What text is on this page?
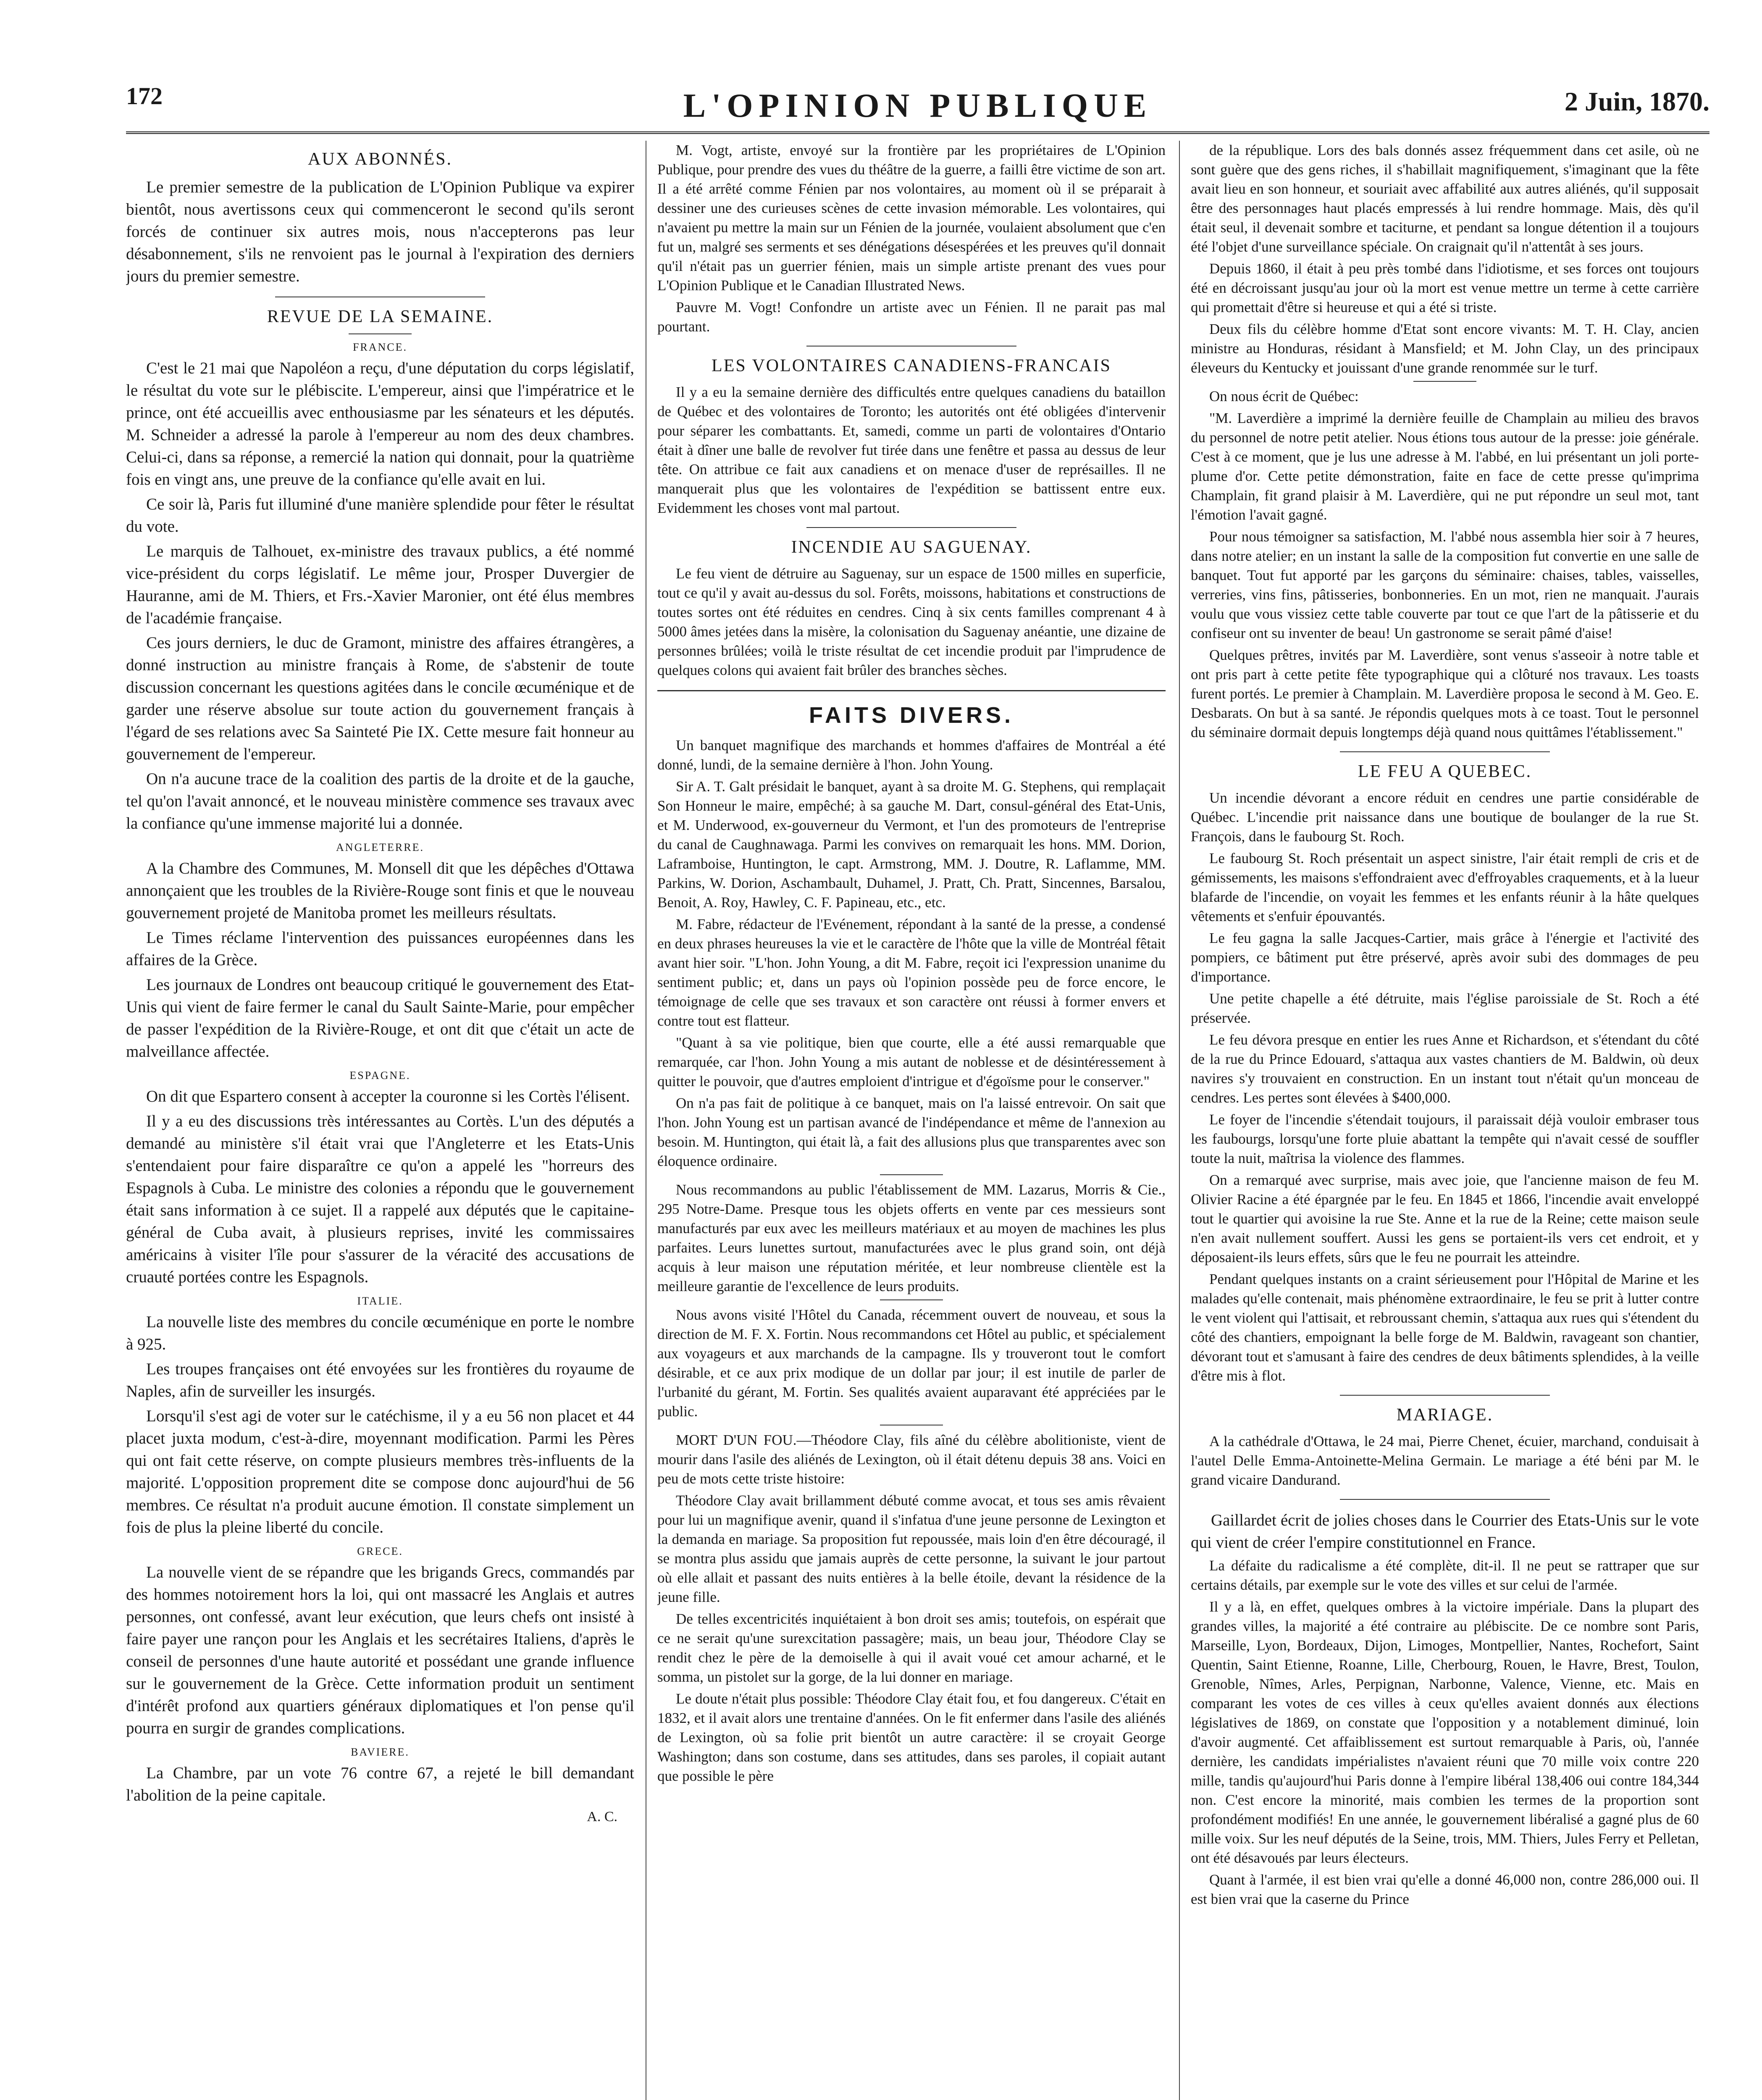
172	L'OPINION PUBLIQUE	2 Juin, 1870.
AUX ABONNÉS.

Le premier semestre de la publication de L'Opinion Publique va expirer bientôt, nous avertissons ceux qui commenceront le second qu'ils seront forcés de continuer six autres mois, nous n'accepterons pas leur désabonnement, s'ils ne renvoient pas le journal à l'expiration des derniers jours du premier semestre.

REVUE DE LA SEMAINE.
FRANCE.

C'est le 21 mai que Napoléon a reçu, d'une députation du corps législatif, le résultat du vote sur le plébiscite. L'empereur, ainsi que l'impératrice et le prince, ont été accueillis avec enthousiasme par les sénateurs et les députés. M. Schneider a adressé la parole à l'empereur au nom des deux chambres. Celui-ci, dans sa réponse, a remercié la nation qui donnait, pour la quatrième fois en vingt ans, une preuve de la confiance qu'elle avait en lui.

Ce soir là, Paris fut illuminé d'une manière splendide pour fêter le résultat du vote.

Le marquis de Talhouet, ex-ministre des travaux publics, a été nommé vice-président du corps législatif. Le même jour, Prosper Duvergier de Hauranne, ami de M. Thiers, et Frs.-Xavier Maronier, ont été élus membres de l'académie française.

Ces jours derniers, le duc de Gramont, ministre des affaires étrangères, a donné instruction au ministre français à Rome, de s'abstenir de toute discussion concernant les questions agitées dans le concile œcuménique et de garder une réserve absolue sur toute action du gouvernement français à l'égard de ses relations avec Sa Sainteté Pie IX. Cette mesure fait honneur au gouvernement de l'empereur.

On n'a aucune trace de la coalition des partis de la droite et de la gauche, tel qu'on l'avait annoncé, et le nouveau ministère commence ses travaux avec la confiance qu'une immense majorité lui a donnée.

ANGLETERRE.

A la Chambre des Communes, M. Monsell dit que les dépêches d'Ottawa annonçaient que les troubles de la Rivière-Rouge sont finis et que le nouveau gouvernement projeté de Manitoba promet les meilleurs résultats.

Le Times réclame l'intervention des puissances européennes dans les affaires de la Grèce.

Les journaux de Londres ont beaucoup critiqué le gouvernement des Etat-Unis qui vient de faire fermer le canal du Sault Sainte-Marie, pour empêcher de passer l'expédition de la Rivière-Rouge, et ont dit que c'était un acte de malveillance affectée.

ESPAGNE.

On dit que Espartero consent à accepter la couronne si les Cortès l'élisent.

Il y a eu des discussions très intéressantes au Cortès. L'un des députés a demandé au ministère s'il était vrai que l'Angleterre et les Etats-Unis s'entendaient pour faire disparaître ce qu'on a appelé les "horreurs des Espagnols à Cuba. Le ministre des colonies a répondu que le gouvernement était sans information à ce sujet. Il a rappelé aux députés que le capitaine-général de Cuba avait, à plusieurs reprises, invité les commissaires américains à visiter l'île pour s'assurer de la véracité des accusations de cruauté portées contre les Espagnols.

ITALIE.

La nouvelle liste des membres du concile œcuménique en porte le nombre à 925.

Les troupes françaises ont été envoyées sur les frontières du royaume de Naples, afin de surveiller les insurgés.

Lorsqu'il s'est agi de voter sur le catéchisme, il y a eu 56 non placet et 44 placet juxta modum, c'est-à-dire, moyennant modification. Parmi les Pères qui ont fait cette réserve, on compte plusieurs membres très-influents de la majorité. L'opposition proprement dite se compose donc aujourd'hui de 56 membres. Ce résultat n'a produit aucune émotion. Il constate simplement un fois de plus la pleine liberté du concile.

GRECE.

La nouvelle vient de se répandre que les brigands Grecs, commandés par des hommes notoirement hors la loi, qui ont massacré les Anglais et autres personnes, ont confessé, avant leur exécution, que leurs chefs ont insisté à faire payer une rançon pour les Anglais et les secrétaires Italiens, d'après le conseil de personnes d'une haute autorité et possédant une grande influence sur le gouvernement de la Grèce. Cette information produit un sentiment d'intérêt profond aux quartiers généraux diplomatiques et l'on pense qu'il pourra en surgir de grandes complications.

BAVIERE.

La Chambre, par un vote 76 contre 67, a rejeté le bill demandant l'abolition de la peine capitale.

A. C.

M. Vogt, artiste, envoyé sur la frontière par les propriétaires de L'Opinion Publique, pour prendre des vues du théâtre de la guerre, a failli être victime de son art. Il a été arrêté comme Fénien par nos volontaires, au moment où il se préparait à dessiner une des curieuses scènes de cette invasion mémorable. Les volontaires, qui n'avaient pu mettre la main sur un Fénien de la journée, voulaient absolument que c'en fut un, malgré ses serments et ses dénégations désespérées et les preuves qu'il donnait qu'il n'était pas un guerrier fénien, mais un simple artiste prenant des vues pour L'Opinion Publique et le Canadian Illustrated News.

Pauvre M. Vogt! Confondre un artiste avec un Fénien. Il ne parait pas mal pourtant.

LES VOLONTAIRES CANADIENS-FRANCAIS

Il y a eu la semaine dernière des difficultés entre quelques canadiens du bataillon de Québec et des volontaires de Toronto; les autorités ont été obligées d'intervenir pour séparer les combattants. Et, samedi, comme un parti de volontaires d'Ontario était à dîner une balle de revolver fut tirée dans une fenêtre et passa au dessus de leur tête. On attribue ce fait aux canadiens et on menace d'user de représailles. Il ne manquerait plus que les volontaires de l'expédition se battissent entre eux. Evidemment les choses vont mal partout.

INCENDIE AU SAGUENAY.

Le feu vient de détruire au Saguenay, sur un espace de 1500 milles en superficie, tout ce qu'il y avait au-dessus du sol. Forêts, moissons, habitations et constructions de toutes sortes ont été réduites en cendres. Cinq à six cents familles comprenant 4 à 5000 âmes jetées dans la misère, la colonisation du Saguenay anéantie, une dizaine de personnes brûlées; voilà le triste résultat de cet incendie produit par l'imprudence de quelques colons qui avaient fait brûler des branches sèches.

FAITS DIVERS.

Un banquet magnifique des marchands et hommes d'affaires de Montréal a été donné, lundi, de la semaine dernière à l'hon. John Young.

Sir A. T. Galt présidait le banquet, ayant à sa droite M. G. Stephens, qui remplaçait Son Honneur le maire, empêché; à sa gauche M. Dart, consul-général des Etat-Unis, et M. Underwood, ex-gouverneur du Vermont, et l'un des promoteurs de l'entreprise du canal de Caughnawaga. Parmi les convives on remarquait les hons. MM. Dorion, Laframboise, Huntington, le capt. Armstrong, MM. J. Doutre, R. Laflamme, MM. Parkins, W. Dorion, Aschambault, Duhamel, J. Pratt, Ch. Pratt, Sincennes, Barsalou, Benoit, A. Roy, Hawley, C. F. Papineau, etc., etc.

M. Fabre, rédacteur de l'Evénement, répondant à la santé de la presse, a condensé en deux phrases heureuses la vie et le caractère de l'hôte que la ville de Montréal fêtait avant hier soir. "L'hon. John Young, a dit M. Fabre, reçoit ici l'expression unanime du sentiment public; et, dans un pays où l'opinion possède peu de force encore, le témoignage de celle que ses travaux et son caractère ont réussi à former envers et contre tout est flatteur.

"Quant à sa vie politique, bien que courte, elle a été aussi remarquable que remarquée, car l'hon. John Young a mis autant de noblesse et de désintéressement à quitter le pouvoir, que d'autres emploient d'intrigue et d'égoïsme pour le conserver."

On n'a pas fait de politique à ce banquet, mais on l'a laissé entrevoir. On sait que l'hon. John Young est un partisan avancé de l'indépendance et même de l'annexion au besoin. M. Huntington, qui était là, a fait des allusions plus que transparentes avec son éloquence ordinaire.

Nous recommandons au public l'établissement de MM. Lazarus, Morris & Cie., 295 Notre-Dame. Presque tous les objets offerts en vente par ces messieurs sont manufacturés par eux avec les meilleurs matériaux et au moyen de machines les plus parfaites. Leurs lunettes surtout, manufacturées avec le plus grand soin, ont déjà acquis à leur maison une réputation méritée, et leur nombreuse clientèle est la meilleure garantie de l'excellence de leurs produits.

Nous avons visité l'Hôtel du Canada, récemment ouvert de nouveau, et sous la direction de M. F. X. Fortin. Nous recommandons cet Hôtel au public, et spécialement aux voyageurs et aux marchands de la campagne. Ils y trouveront tout le comfort désirable, et ce aux prix modique de un dollar par jour; il est inutile de parler de l'urbanité du gérant, M. Fortin. Ses qualités avaient auparavant été appréciées par le public.

MORT D'UN FOU.—Théodore Clay, fils aîné du célèbre abolitioniste, vient de mourir dans l'asile des aliénés de Lexington, où il était détenu depuis 38 ans. Voici en peu de mots cette triste histoire:

Théodore Clay avait brillamment débuté comme avocat, et tous ses amis rêvaient pour lui un magnifique avenir, quand il s'infatua d'une jeune personne de Lexington et la demanda en mariage. Sa proposition fut repoussée, mais loin d'en être découragé, il se montra plus assidu que jamais auprès de cette personne, la suivant le jour partout où elle allait et passant des nuits entières à la belle étoile, devant la résidence de la jeune fille.

De telles excentricités inquiétaient à bon droit ses amis; toutefois, on espérait que ce ne serait qu'une surexcitation passagère; mais, un beau jour, Théodore Clay se rendit chez le père de la demoiselle à qui il avait voué cet amour acharné, et le somma, un pistolet sur la gorge, de la lui donner en mariage.

Le doute n'était plus possible: Théodore Clay était fou, et fou dangereux. C'était en 1832, et il avait alors une trentaine d'années. On le fit enfermer dans l'asile des aliénés de Lexington, où sa folie prit bientôt un autre caractère: il se croyait George Washington; dans son costume, dans ses attitudes, dans ses paroles, il copiait autant que possible le père

de la république. Lors des bals donnés assez fréquemment dans cet asile, où ne sont guère que des gens riches, il s'habillait magnifiquement, s'imaginant que la fête avait lieu en son honneur, et souriait avec affabilité aux autres aliénés, qu'il supposait être des personnages haut placés empressés à lui rendre hommage. Mais, dès qu'il était seul, il devenait sombre et taciturne, et pendant sa longue détention il a toujours été l'objet d'une surveillance spéciale. On craignait qu'il n'attentât à ses jours.

Depuis 1860, il était à peu près tombé dans l'idiotisme, et ses forces ont toujours été en décroissant jusqu'au jour où la mort est venue mettre un terme à cette carrière qui promettait d'être si heureuse et qui a été si triste.

Deux fils du célèbre homme d'Etat sont encore vivants: M. T. H. Clay, ancien ministre au Honduras, résidant à Mansfield; et M. John Clay, un des principaux éleveurs du Kentucky et jouissant d'une grande renommée sur le turf.

On nous écrit de Québec:

"M. Laverdière a imprimé la dernière feuille de Champlain au milieu des bravos du personnel de notre petit atelier. Nous étions tous autour de la presse: joie générale. C'est à ce moment, que je lus une adresse à M. l'abbé, en lui présentant un joli porte-plume d'or. Cette petite démonstration, faite en face de cette presse qu'imprima Champlain, fit grand plaisir à M. Laverdière, qui ne put répondre un seul mot, tant l'émotion l'avait gagné.

Pour nous témoigner sa satisfaction, M. l'abbé nous assembla hier soir à 7 heures, dans notre atelier; en un instant la salle de la composition fut convertie en une salle de banquet. Tout fut apporté par les garçons du séminaire: chaises, tables, vaisselles, verreries, vins fins, pâtisseries, bonbonneries. En un mot, rien ne manquait. J'aurais voulu que vous vissiez cette table couverte par tout ce que l'art de la pâtisserie et du confiseur ont su inventer de beau! Un gastronome se serait pâmé d'aise!

Quelques prêtres, invités par M. Laverdière, sont venus s'asseoir à notre table et ont pris part à cette petite fête typographique qui a clôturé nos travaux. Les toasts furent portés. Le premier à Champlain. M. Laverdière proposa le second à M. Geo. E. Desbarats. On but à sa santé. Je répondis quelques mots à ce toast. Tout le personnel du séminaire dormait depuis longtemps déjà quand nous quittâmes l'établissement."

LE FEU A QUEBEC.

Un incendie dévorant a encore réduit en cendres une partie considérable de Québec. L'incendie prit naissance dans une boutique de boulanger de la rue St. François, dans le faubourg St. Roch.

Le faubourg St. Roch présentait un aspect sinistre, l'air était rempli de cris et de gémissements, les maisons s'effondraient avec d'effroyables craquements, et à la lueur blafarde de l'incendie, on voyait les femmes et les enfants réunir à la hâte quelques vêtements et s'enfuir épouvantés.

Le feu gagna la salle Jacques-Cartier, mais grâce à l'énergie et l'activité des pompiers, ce bâtiment put être préservé, après avoir subi des dommages de peu d'importance.

Une petite chapelle a été détruite, mais l'église paroissiale de St. Roch a été préservée.

Le feu dévora presque en entier les rues Anne et Richardson, et s'étendant du côté de la rue du Prince Edouard, s'attaqua aux vastes chantiers de M. Baldwin, où deux navires s'y trouvaient en construction. En un instant tout n'était qu'un monceau de cendres. Les pertes sont élevées à $400,000.

Le foyer de l'incendie s'étendait toujours, il paraissait déjà vouloir embraser tous les faubourgs, lorsqu'une forte pluie abattant la tempête qui n'avait cessé de souffler toute la nuit, maîtrisa la violence des flammes.

On a remarqué avec surprise, mais avec joie, que l'ancienne maison de feu M. Olivier Racine a été épargnée par le feu. En 1845 et 1866, l'incendie avait enveloppé tout le quartier qui avoisine la rue Ste. Anne et la rue de la Reine; cette maison seule n'en avait nullement souffert. Aussi les gens se portaient-ils vers cet endroit, et y déposaient-ils leurs effets, sûrs que le feu ne pourrait les atteindre.

Pendant quelques instants on a craint sérieusement pour l'Hôpital de Marine et les malades qu'elle contenait, mais phénomène extraordinaire, le feu se prit à lutter contre le vent violent qui l'attisait, et rebroussant chemin, s'attaqua aux rues qui s'étendent du côté des chantiers, empoignant la belle forge de M. Baldwin, ravageant son chantier, dévorant tout et s'amusant à faire des cendres de deux bâtiments splendides, à la veille d'être mis à flot.

MARIAGE.

A la cathédrale d'Ottawa, le 24 mai, Pierre Chenet, écuier, marchand, conduisait à l'autel Delle Emma-Antoinette-Melina Germain. Le mariage a été béni par M. le grand vicaire Dandurand.

Gaillardet écrit de jolies choses dans le Courrier des Etats-Unis sur le vote qui vient de créer l'empire constitutionnel en France.

La défaite du radicalisme a été complète, dit-il. Il ne peut se rattraper que sur certains détails, par exemple sur le vote des villes et sur celui de l'armée.

Il y a là, en effet, quelques ombres à la victoire impériale. Dans la plupart des grandes villes, la majorité a été contraire au plébiscite. De ce nombre sont Paris, Marseille, Lyon, Bordeaux, Dijon, Limoges, Montpellier, Nantes, Rochefort, Saint Quentin, Saint Etienne, Roanne, Lille, Cherbourg, Rouen, le Havre, Brest, Toulon, Grenoble, Nîmes, Arles, Perpignan, Narbonne, Valence, Vienne, etc. Mais en comparant les votes de ces villes à ceux qu'elles avaient donnés aux élections législatives de 1869, on constate que l'opposition y a notablement diminué, loin d'avoir augmenté. Cet affaiblissement est surtout remarquable à Paris, où, l'année dernière, les candidats impérialistes n'avaient réuni que 70 mille voix contre 220 mille, tandis qu'aujourd'hui Paris donne à l'empire libéral 138,406 oui contre 184,344 non. C'est encore la minorité, mais combien les termes de la proportion sont profondément modifiés! En une année, le gouvernement libéralisé a gagné plus de 60 mille voix. Sur les neuf députés de la Seine, trois, MM. Thiers, Jules Ferry et Pelletan, ont été désavoués par leurs électeurs.

Quant à l'armée, il est bien vrai qu'elle a donné 46,000 non, contre 286,000 oui. Il est bien vrai que la caserne du Prince
